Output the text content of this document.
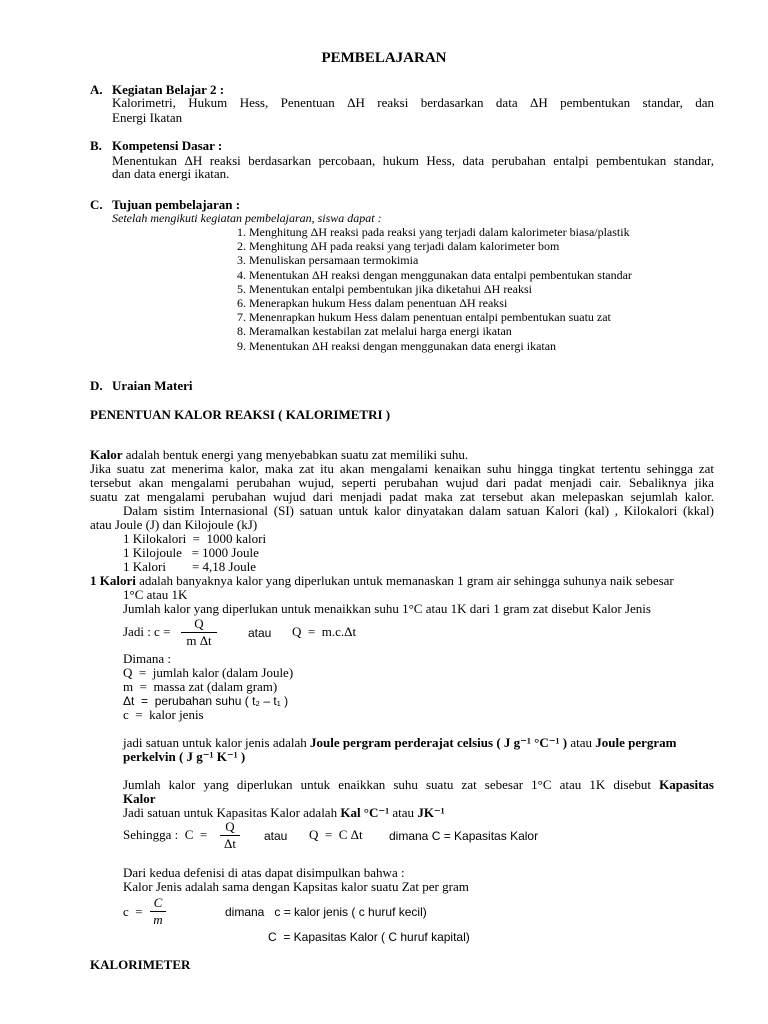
PEMBELAJARAN
A. Kegiatan Belajar 2 :
Kalorimetri, Hukum Hess, Penentuan ΔH reaksi berdasarkan data ΔH pembentukan standar, dan
Energi Ikatan
B. Kompetensi Dasar :
Menentukan ΔH reaksi berdasarkan percobaan, hukum Hess, data perubahan entalpi pembentukan standar,
dan data energi ikatan.
C. Tujuan pembelajaran :
Setelah mengikuti kegiatan pembelajaran, siswa dapat :
1. Menghitung ΔH reaksi pada reaksi yang terjadi dalam kalorimeter biasa/plastik
2. Menghitung ΔH pada reaksi yang terjadi dalam kalorimeter bom
3. Menuliskan persamaan termokimia
4. Menentukan ΔH reaksi dengan menggunakan data entalpi pembentukan standar
5. Menentukan entalpi pembentukan jika diketahui ΔH reaksi
6. Menerapkan hukum Hess dalam penentuan ΔH reaksi
7. Menenrapkan hukum Hess dalam penentuan entalpi pembentukan suatu zat
8. Meramalkan kestabilan zat melalui harga energi ikatan
9. Menentukan ΔH reaksi dengan menggunakan data energi ikatan
D. Uraian Materi
PENENTUAN KALOR REAKSI ( KALORIMETRI )
Kalor adalah bentuk energi yang menyebabkan suatu zat memiliki suhu.
Jika suatu zat menerima kalor, maka zat itu akan mengalami kenaikan suhu hingga tingkat tertentu sehingga zat
tersebut akan mengalami perubahan wujud, seperti perubahan wujud dari padat menjadi cair. Sebaliknya jika
suatu zat mengalami perubahan wujud dari menjadi padat maka zat tersebut akan melepaskan sejumlah kalor.
Dalam sistim Internasional (SI) satuan untuk kalor dinyatakan dalam satuan Kalori (kal) , Kilokalori (kkal)
atau Joule (J) dan Kilojoule (kJ)
1 Kilokalori  =  1000 kalori
1 Kilojoule   = 1000 Joule
1 Kalori        = 4,18 Joule
1 Kalori adalah banyaknya kalor yang diperlukan untuk memanaskan 1 gram air sehingga suhunya naik sebesar
1°C atau 1K
Jumlah kalor yang diperlukan untuk menaikkan suhu 1°C atau 1K dari 1 gram zat disebut Kalor Jenis
Jadi : c =
Q
m Δt	atau Q  =  m.c.Δt
Dimana :
Q  =  jumlah kalor (dalam Joule)
m  =  massa zat (dalam gram)
Δt  =  perubahan suhu ( t₂ – t₁ )
c  =  kalor jenis
jadi satuan untuk kalor jenis adalah Joule pergram perderajat celsius ( J g⁻¹ °C⁻¹ ) atau Joule pergram
perkelvin ( J g⁻¹ K⁻¹ )
Jumlah kalor yang diperlukan untuk enaikkan suhu suatu zat sebesar 1°C atau 1K disebut Kapasitas
Kalor
Jadi satuan untuk Kapasitas Kalor adalah Kal °C⁻¹ atau JK⁻¹
Sehingga :  C  =
Q
Δt	atau Q  =  C Δt dimana C = Kapasitas Kalor
Dari kedua defenisi di atas dapat disimpulkan bahwa :
Kalor Jenis adalah sama dengan Kapsitas kalor suatu Zat per gram
c  =
C
m	dimana   c = kalor jenis ( c huruf kecil)
C  = Kapasitas Kalor ( C huruf kapital)
KALORIMETER
